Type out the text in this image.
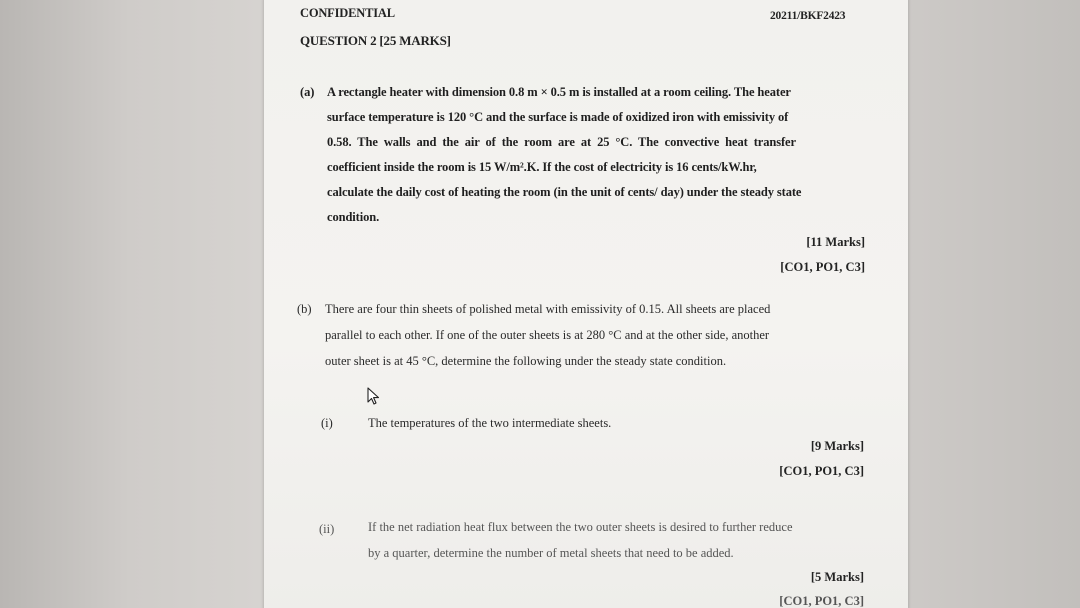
CONFIDENTIAL	20211/BKF2423
QUESTION 2 [25 MARKS]
(a) A rectangle heater with dimension 0.8 m × 0.5 m is installed at a room ceiling. The heater
surface temperature is 120 °C and the surface is made of oxidized iron with emissivity of
0.58. The walls and the air of the room are at 25 °C. The convective heat transfer
coefficient inside the room is 15 W/m².K. If the cost of electricity is 16 cents/kW.hr,
calculate the daily cost of heating the room (in the unit of cents/ day) under the steady state
condition.
[11 Marks]
[CO1, PO1, C3]
(b) There are four thin sheets of polished metal with emissivity of 0.15. All sheets are placed
parallel to each other. If one of the outer sheets is at 280 °C and at the other side, another
outer sheet is at 45 °C, determine the following under the steady state condition.
(i)	The temperatures of the two intermediate sheets.
[9 Marks]
[CO1, PO1, C3]
(ii)	If the net radiation heat flux between the two outer sheets is desired to further reduce
by a quarter, determine the number of metal sheets that need to be added.
[5 Marks]
[CO1, PO1, C3]
